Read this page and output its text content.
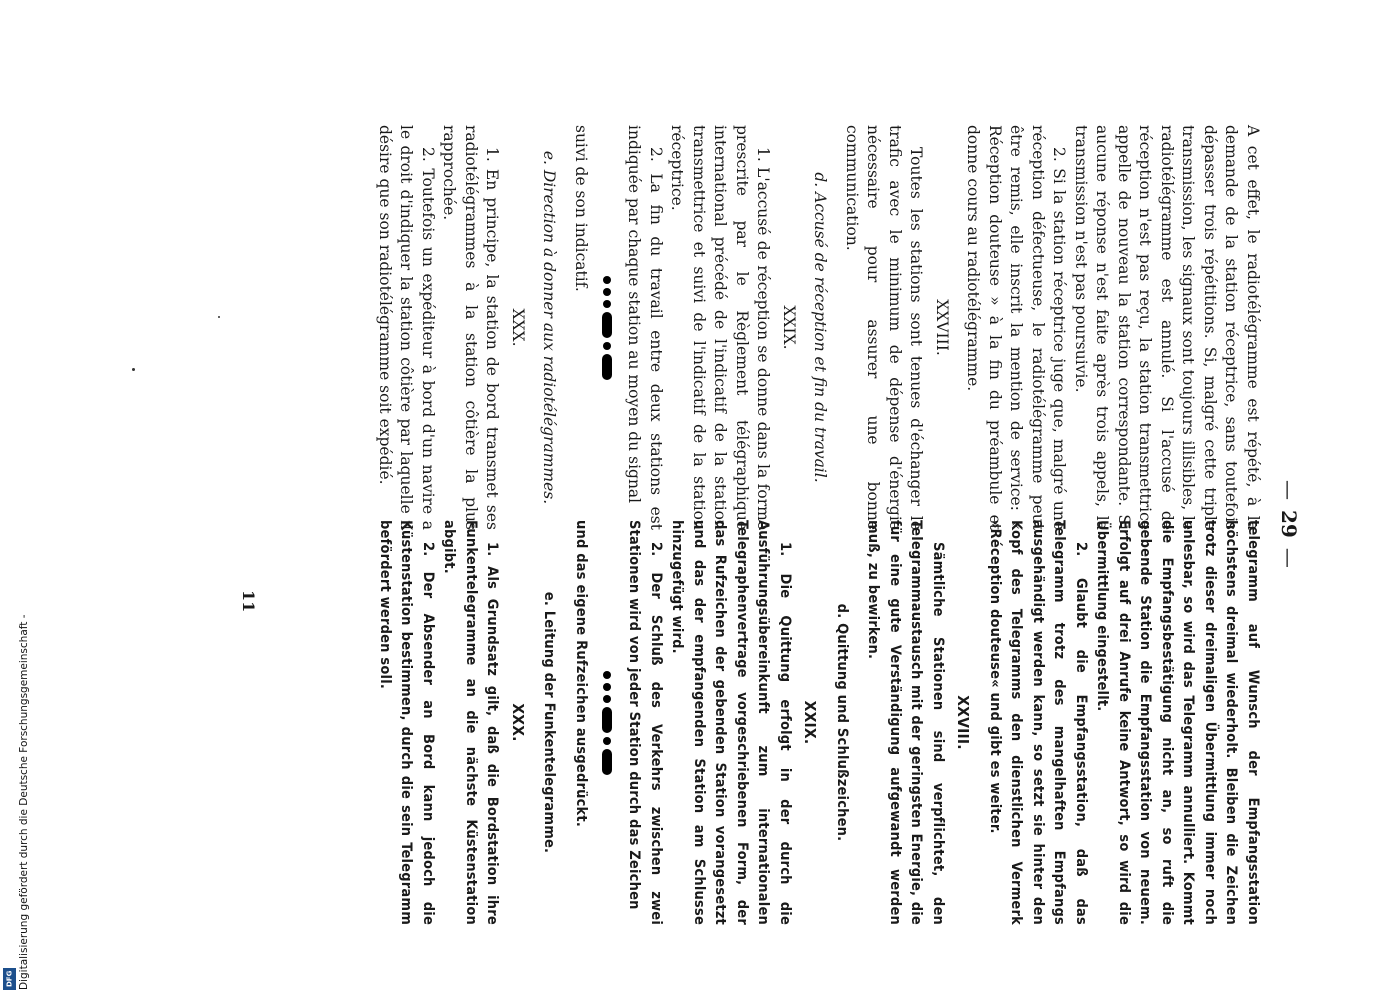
—29—

A cet effet, le radiotélégramme est répété, à la demande de la station réceptrice, sans toutefois dépasser trois répétitions. Si, malgré cette triple transmission, les signaux sont toujours illisibles, le radiotélégramme est annulé. Si l'accusé de réception n'est pas reçu, la station transmettrice appelle de nouveau la station correspondante. Si aucune réponse n'est faite après trois appels, la transmission n'est pas poursuivie.

2. Si la station réceptrice juge que, malgré une réception défectueuse, le radiotélégramme peut être remis, elle inscrit la mention de service: « Réception douteuse » à la fin du préambule et donne cours au radiotélégramme.

XXVIII.

Toutes les stations sont tenues d'échanger le trafic avec le minimum de dépense d'énergie nécessaire pour assurer une bonne communication.

d. Accusé de réception et fin du travail.
XXIX.

1. L'accusé de réception se donne dans la forme prescrite par le Règlement télégraphique international précédé de l'indicatif de la station transmettrice et suivi de l'indicatif de la station réceptrice.

2. La fin du travail entre deux stations est indiquée par chaque station au moyen du signal

suivi de son indicatif.

e. Direction à donner aux radiotélégrammes.
XXX.

1. En principe, la station de bord transmet ses radiotélégrammes à la station côtière la plus rapprochée.

2. Toutefois un expéditeur à bord d'un navire a le droit d'indiquer la station côtière par laquelle il désire que son radiotélégramme soit expédié.

telegramm auf Wunsch der Empfangsstation höchstens dreimal wiederholt. Bleiben die Zeichen trotz dieser dreimaligen Übermittlung immer noch unlesbar, so wird das Telegramm annulliert. Kommt die Empfangsbestätigung nicht an, so ruft die gebende Station die Empfangsstation von neuem. Erfolgt auf drei Anrufe keine Antwort, so wird die Übermittlung eingestellt.

2. Glaubt die Empfangsstation, daß das Telegramm trotz des mangelhaften Empfangs ausgehändigt werden kann, so setzt sie hinter den Kopf des Telegramms den dienstlichen Vermerk »Réception douteuse« und gibt es weiter.

XXVIII.

Sämtliche Stationen sind verpflichtet, den Telegrammaustausch mit der geringsten Energie, die für eine gute Verständigung aufgewandt werden muß, zu bewirken.

d. Quittung und Schlußzeichen.
XXIX.

1. Die Quittung erfolgt in der durch die Ausführungsübereinkunft zum internationalen Telegraphenvertrage vorgeschriebenen Form, der das Rufzeichen der gebenden Station vorangesetzt und das der empfangenden Station am Schlusse hinzugefügt wird.

2. Der Schluß des Verkehrs zwischen zwei Stationen wird von jeder Station durch das Zeichen

und das eigene Rufzeichen ausgedrückt.

e. Leitung der Funkentelegramme.
XXX.

1. Als Grundsatz gilt, daß die Bordstation ihre Funkentelegramme an die nächste Küstenstation abgibt.

2. Der Absender an Bord kann jedoch die Küstenstation bestimmen, durch die sein Telegramm befördert werden soll.

11
Digitalisierung gefördert durch die Deutsche Forschungsgemeinschaft -
DFG
